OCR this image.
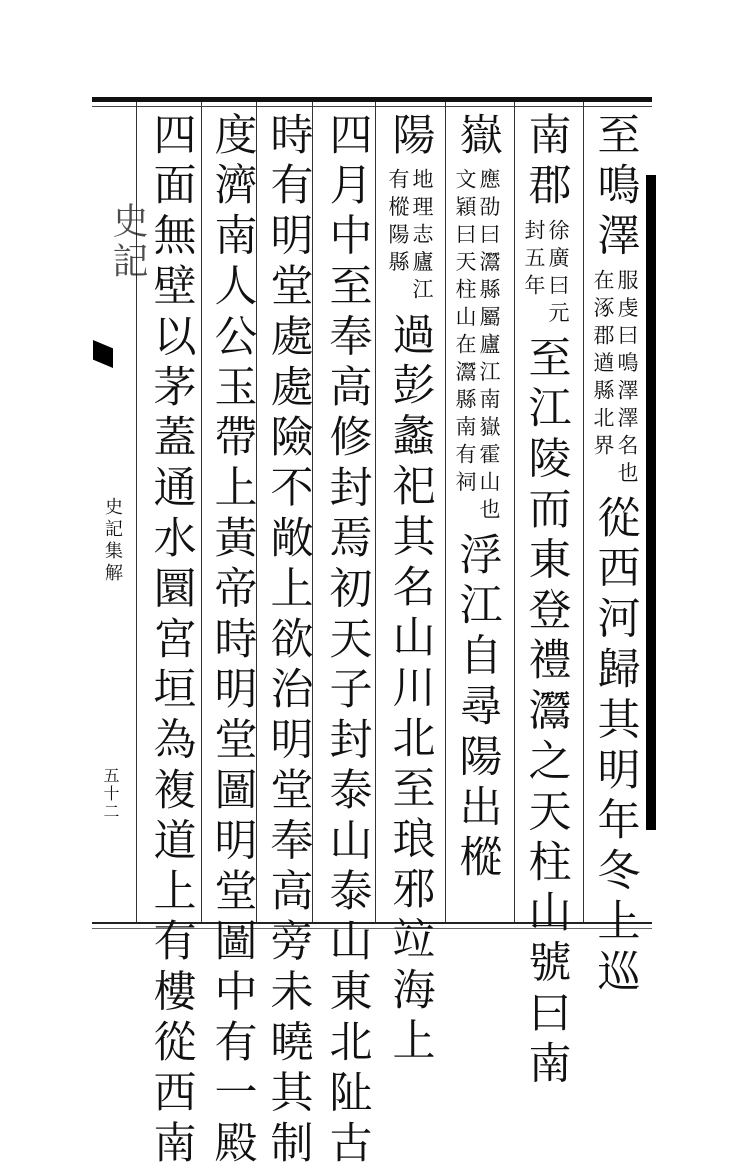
史記
史記集解
五十二
至鳴澤
服虔曰鳴澤澤名也
在涿郡遒縣北界
從西河歸其明年冬上巡
南郡
徐廣曰元
封五年
至江陵而東登禮灊之天柱山號曰南
嶽
應劭曰灊縣屬廬江南嶽霍山也
文穎曰天柱山在灊縣南有祠
浮江自尋陽出樅
陽
地理志廬江
有樅陽縣
過彭蠡祀其名山川北至琅邪竝海上
四月中至奉高修封焉初天子封泰山泰山東北阯古
時有明堂處處險不敞上欲治明堂奉高旁未曉其制
度濟南人公玉帶上黃帝時明堂圖明堂圖中有一殿
四面無壁以茅蓋通水圜宮垣為複道上有樓從西南
